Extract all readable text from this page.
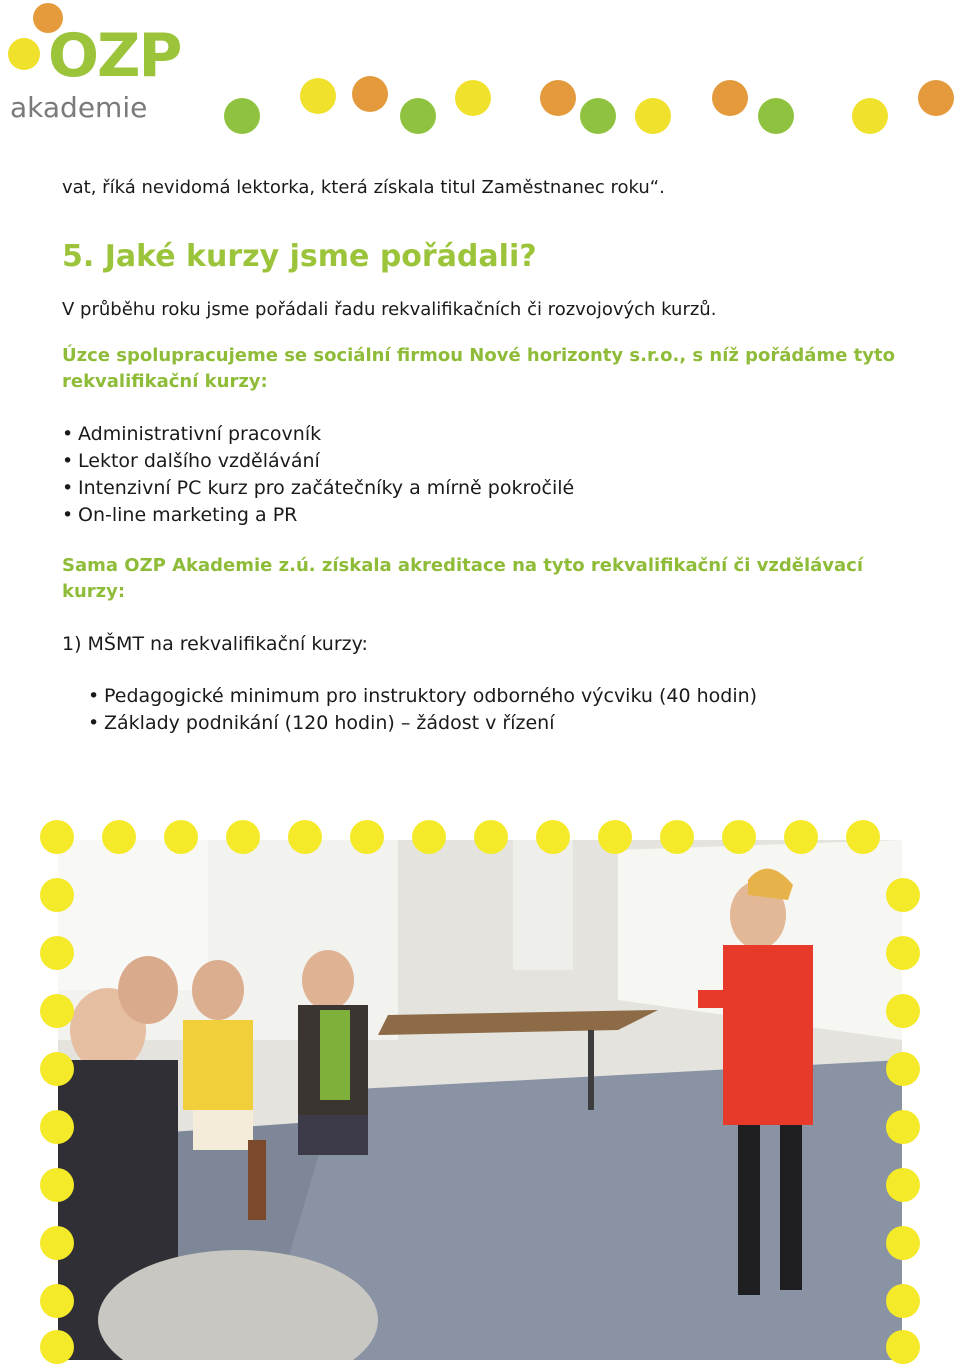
OZP
akademie

vat, říká nevidomá lektorka, která získala titul Zaměstnanec roku“.

5. Jaké kurzy jsme pořádali?

V průběhu roku jsme pořádali řadu rekvalifikačních či rozvojových kurzů.

Úzce spolupracujeme se sociální firmou Nové horizonty s.r.o., s níž pořádáme tyto rekvalifikační kurzy:

• Administrativní pracovník
• Lektor dalšího vzdělávání
• Intenzivní PC kurz pro začátečníky a mírně pokročilé
• On-line marketing a PR

Sama OZP Akademie z.ú. získala akreditace na tyto rekvalifikační či vzdělávací kurzy:

1) MŠMT na rekvalifikační kurzy:

• Pedagogické minimum pro instruktory odborného výcviku (40 hodin)
• Základy podnikání (120 hodin) – žádost v řízení
